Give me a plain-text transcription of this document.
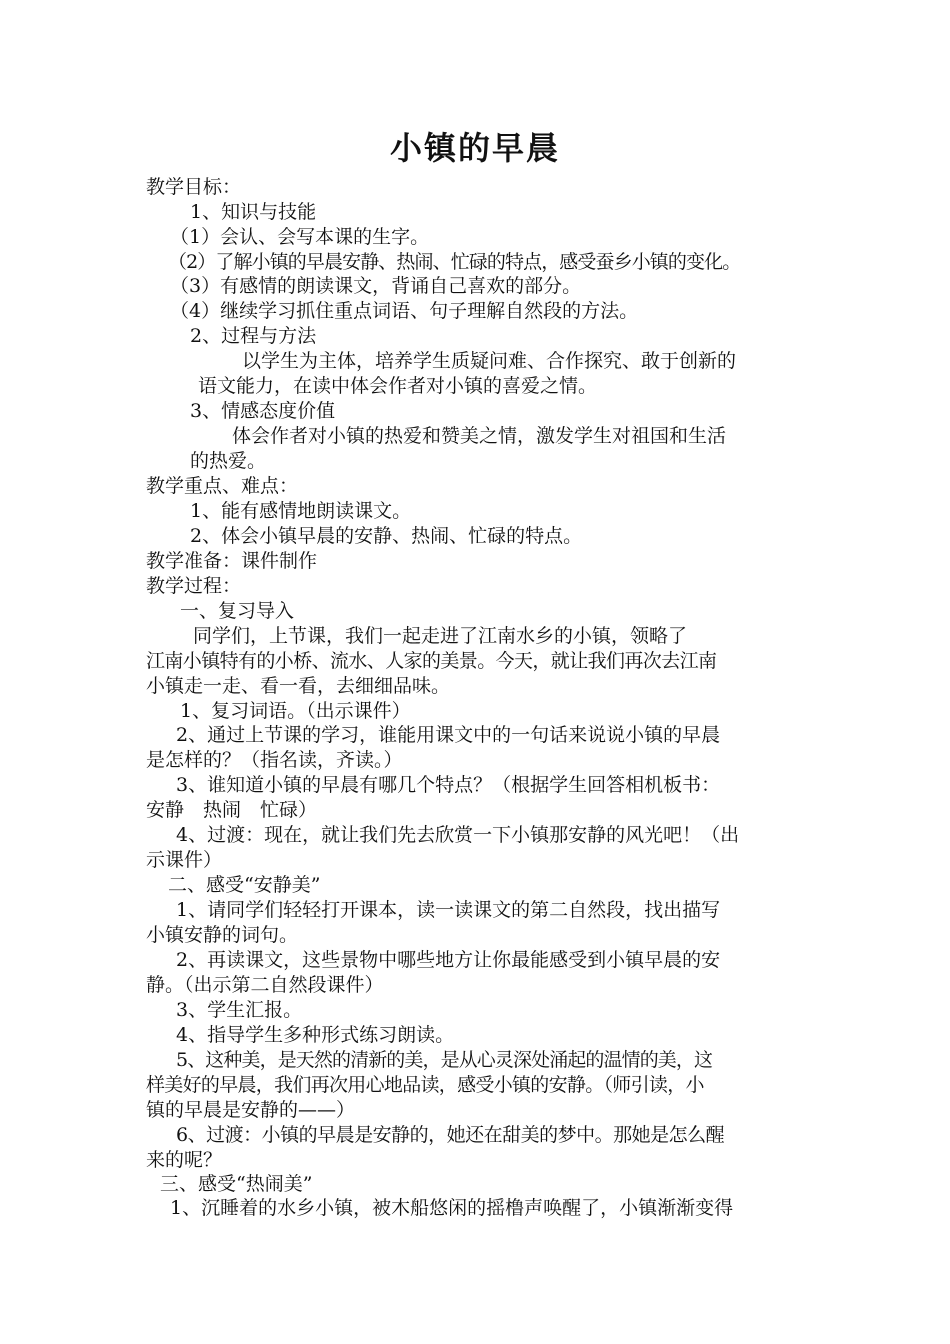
小镇的早晨
教学目标：
1、知识与技能
（1）会认、会写本课的生字。
（2）了解小镇的早晨安静、热闹、忙碌的特点，感受蚕乡小镇的变化。
（3）有感情的朗读课文，背诵自己喜欢的部分。
（4）继续学习抓住重点词语、句子理解自然段的方法。
2、过程与方法
以学生为主体，培养学生质疑问难、合作探究、敢于创新的
语文能力，在读中体会作者对小镇的喜爱之情。
3、情感态度价值
体会作者对小镇的热爱和赞美之情，激发学生对祖国和生活
的热爱。
教学重点、难点：
1、能有感情地朗读课文。
2、体会小镇早晨的安静、热闹、忙碌的特点。
教学准备：课件制作
教学过程：
一、复习导入
同学们，上节课，我们一起走进了江南水乡的小镇，领略了
江南小镇特有的小桥、流水、人家的美景。今天，就让我们再次去江南
小镇走一走、看一看，去细细品味。
1、复习词语。（出示课件）
2、通过上节课的学习，谁能用课文中的一句话来说说小镇的早晨
是怎样的？（指名读，齐读。）
3、谁知道小镇的早晨有哪几个特点？（根据学生回答相机板书：
安静　热闹　忙碌）
4、过渡：现在，就让我们先去欣赏一下小镇那安静的风光吧！（出
示课件）
二、感受“安静美”
1、请同学们轻轻打开课本，读一读课文的第二自然段，找出描写
小镇安静的词句。
2、再读课文，这些景物中哪些地方让你最能感受到小镇早晨的安
静。（出示第二自然段课件）
3、学生汇报。
4、指导学生多种形式练习朗读。
5、这种美，是天然的清新的美，是从心灵深处涌起的温情的美，这
样美好的早晨，我们再次用心地品读，感受小镇的安静。（师引读，小
镇的早晨是安静的——）
6、过渡：小镇的早晨是安静的，她还在甜美的梦中。那她是怎么醒
来的呢？
三、感受“热闹美”
1、沉睡着的水乡小镇，被木船悠闲的摇橹声唤醒了，小镇渐渐变得
